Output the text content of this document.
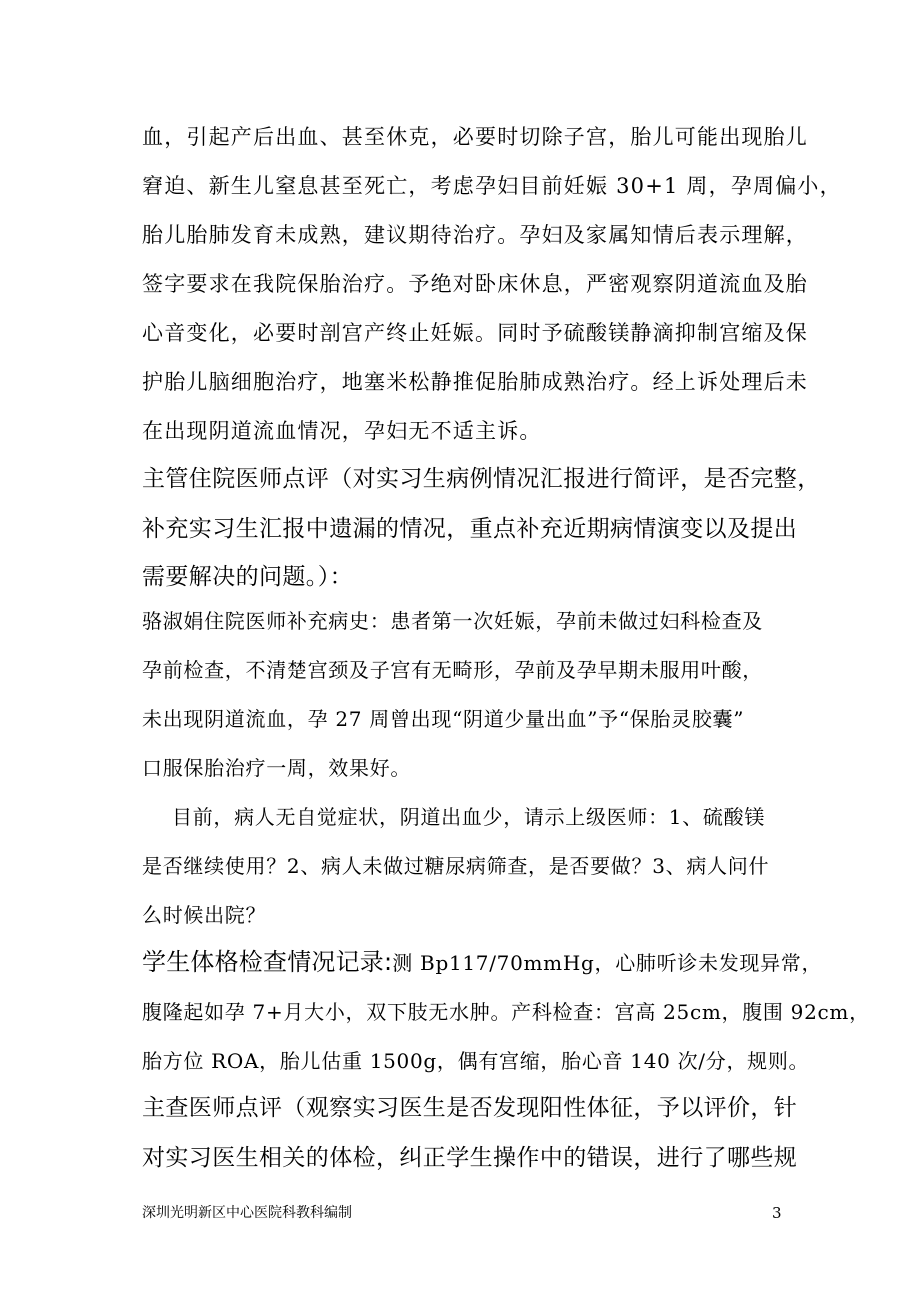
血，引起产后出血、甚至休克，必要时切除子宫，胎儿可能出现胎儿
窘迫、新生儿窒息甚至死亡，考虑孕妇目前妊娠 30+1 周，孕周偏小，
胎儿胎肺发育未成熟，建议期待治疗。孕妇及家属知情后表示理解，
签字要求在我院保胎治疗。予绝对卧床休息，严密观察阴道流血及胎
心音变化，必要时剖宫产终止妊娠。同时予硫酸镁静滴抑制宫缩及保
护胎儿脑细胞治疗，地塞米松静推促胎肺成熟治疗。经上诉处理后未
在出现阴道流血情况，孕妇无不适主诉。
主管住院医师点评（对实习生病例情况汇报进行简评，是否完整，
补充实习生汇报中遗漏的情况，重点补充近期病情演变以及提出
需要解决的问题。）：
骆淑娟住院医师补充病史：患者第一次妊娠，孕前未做过妇科检查及
孕前检查，不清楚宫颈及子宫有无畸形，孕前及孕早期未服用叶酸，
未出现阴道流血，孕 27 周曾出现“阴道少量出血”予“保胎灵胶囊”
口服保胎治疗一周，效果好。
目前，病人无自觉症状，阴道出血少，请示上级医师：1、硫酸镁
是否继续使用？2、病人未做过糖尿病筛查，是否要做？3、病人问什
么时候出院？
学生体格检查情况记录:测 Bp117/70mmHg，心肺听诊未发现异常，
腹隆起如孕 7+月大小，双下肢无水肿。产科检查：宫高 25cm，腹围 92cm，
胎方位 ROA，胎儿估重 1500g，偶有宫缩，胎心音 140 次/分，规则。
主查医师点评（观察实习医生是否发现阳性体征，予以评价，针
对实习医生相关的体检，纠正学生操作中的错误，进行了哪些规
深圳光明新区中心医院科教科编制	3
